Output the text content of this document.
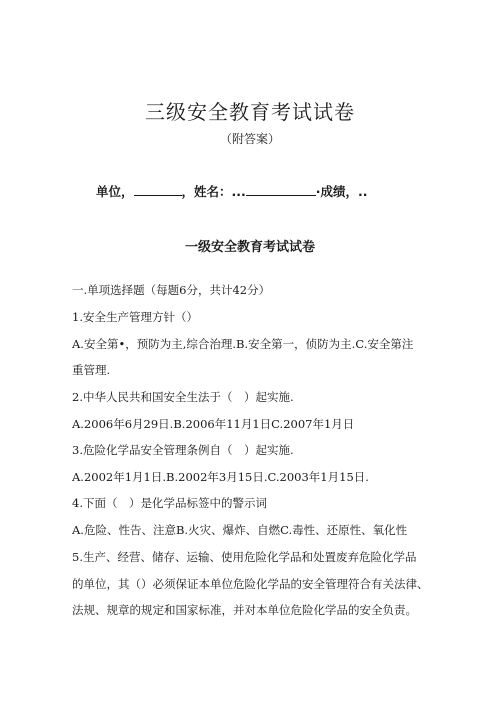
三级安全教育考试试卷
（附答案）
单位，	，姓名：...	·成绩，..
一级安全教育考试试卷
一.单项选择题（每题6分，共计42分）
1.安全生产管理方针（）
A.安全第•，预防为主,综合治理.B.安全第一，侦防为主.C.安全第注
重管理.
2.中华人民共和国安全生法于（　）起实施.
A.2006年6月29日.B.2006年11月1日C.2007年1月日
3.危险化学品安全管理条例自（　）起实施.
A.2002年1月1日.B.2002年3月15日.C.2003年1月15日.
4.下面（　）是化学品标签中的警示词
A.危险、性告、注意B.火灾、爆炸、自燃C.毒性、还原性、氧化性
5.生产、经营、储存、运输、使用危险化学品和处置废弃危险化学品
的单位，其（）必须保证本单位危险化学品的安全管理符合有关法律、
法规、规章的规定和国家标准，并对本单位危险化学品的安全负责。
